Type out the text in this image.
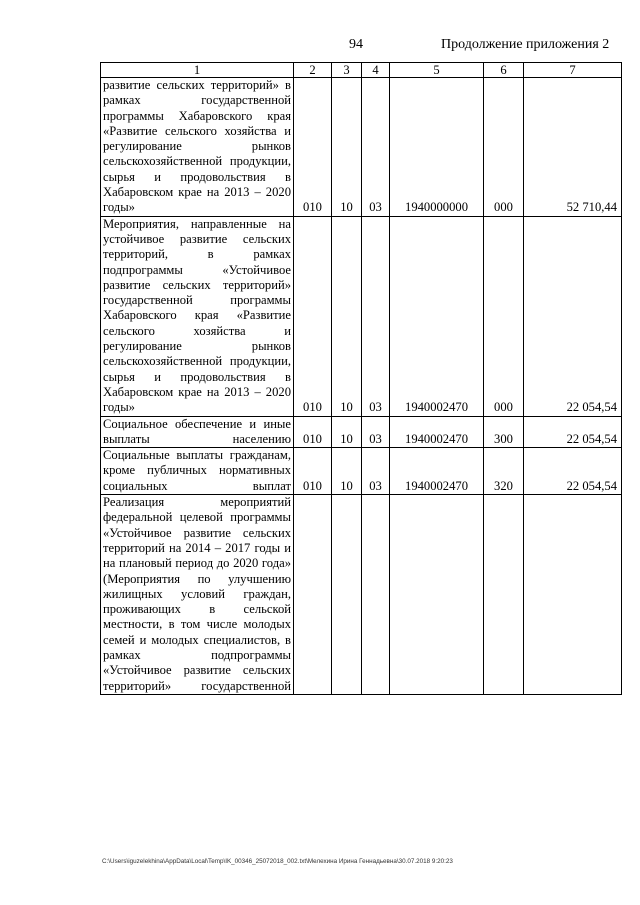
94	Продолжение приложения 2
1	2	3	4	5	6	7
развитие сельских территорий» в рамках государственной программы Хабаровского края «Развитие сельского хозяйства и регулирование рынков сельскохозяйственной продукции, сырья и продовольствия в Хабаровском крае на 2013 – 2020 годы»	010	10	03	1940000000	000	52 710,44
Мероприятия, направленные на устойчивое развитие сельских территорий, в рамках подпрограммы «Устойчивое развитие сельских территорий» государственной программы Хабаровского края «Развитие сельского хозяйства и регулирование рынков сельскохозяйственной продукции, сырья и продовольствия в Хабаровском крае на 2013 – 2020 годы»	010	10	03	1940002470	000	22 054,54
Социальное обеспечение и иные выплаты населению	010	10	03	1940002470	300	22 054,54
Социальные выплаты гражданам, кроме публичных нормативных социальных выплат	010	10	03	1940002470	320	22 054,54
Реализация мероприятий федеральной целевой программы «Устойчивое развитие сельских территорий на 2014 – 2017 годы и на плановый период до 2020 года» (Мероприятия по улучшению жилищных условий граждан, проживающих в сельской местности, в том числе молодых семей и молодых специалистов, в рамках подпрограммы «Устойчивое развитие сельских территорий» государственной						
C:\Users\iguzelekhina\AppData\Local\Temp\IK_00346_25072018_002.txt\Мелехина Ирина Геннадьевна\30.07.2018 9:20:23
